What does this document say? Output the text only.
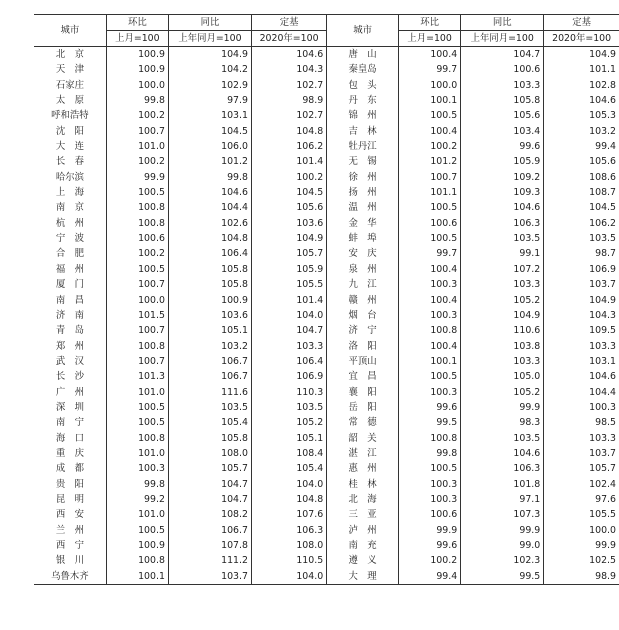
城市	环比	同比	定基	城市	环比	同比	定基
	上月=100	上年同月=100	2020年=100		上月=100	上年同月=100	2020年=100
北　京	100.9	104.9	104.6	唐　山	100.4	104.7	104.9
天　津	100.9	104.2	104.3	秦皇岛	99.7	100.6	101.1
石家庄	100.0	102.9	102.7	包　头	100.0	103.3	102.8
太　原	99.8	97.9	98.9	丹　东	100.1	105.8	104.6
呼和浩特	100.2	103.1	102.7	锦　州	100.5	105.6	105.3
沈　阳	100.7	104.5	104.8	吉　林	100.4	103.4	103.2
大　连	101.0	106.0	106.2	牡丹江	100.2	99.6	99.4
长　春	100.2	101.2	101.4	无　锡	101.2	105.9	105.6
哈尔滨	99.9	99.8	100.2	徐　州	100.7	109.2	108.6
上　海	100.5	104.6	104.5	扬　州	101.1	109.3	108.7
南　京	100.8	104.4	105.6	温　州	100.5	104.6	104.5
杭　州	100.8	102.6	103.6	金　华	100.6	106.3	106.2
宁　波	100.6	104.8	104.9	蚌　埠	100.5	103.5	103.5
合　肥	100.2	106.4	105.7	安　庆	99.7	99.1	98.7
福　州	100.5	105.8	105.9	泉　州	100.4	107.2	106.9
厦　门	100.7	105.8	105.5	九　江	100.3	103.3	103.7
南　昌	100.0	100.9	101.4	赣　州	100.4	105.2	104.9
济　南	101.5	103.6	104.0	烟　台	100.3	104.9	104.3
青　岛	100.7	105.1	104.7	济　宁	100.8	110.6	109.5
郑　州	100.8	103.2	103.3	洛　阳	100.4	103.8	103.3
武　汉	100.7	106.7	106.4	平顶山	100.1	103.3	103.1
长　沙	101.3	106.7	106.9	宜　昌	100.5	105.0	104.6
广　州	101.0	111.6	110.3	襄　阳	100.3	105.2	104.4
深　圳	100.5	103.5	103.5	岳　阳	99.6	99.9	100.3
南　宁	100.5	105.4	105.2	常　德	99.5	98.3	98.5
海　口	100.8	105.8	105.1	韶　关	100.8	103.5	103.3
重　庆	101.0	108.0	108.4	湛　江	99.8	104.6	103.7
成　都	100.3	105.7	105.4	惠　州	100.5	106.3	105.7
贵　阳	99.8	104.7	104.0	桂　林	100.3	101.8	102.4
昆　明	99.2	104.7	104.8	北　海	100.3	97.1	97.6
西　安	101.0	108.2	107.6	三　亚	100.6	107.3	105.5
兰　州	100.5	106.7	106.3	泸　州	99.9	99.9	100.0
西　宁	100.9	107.8	108.0	南　充	99.6	99.0	99.9
银　川	100.8	111.2	110.5	遵　义	100.2	102.3	102.5
乌鲁木齐	100.1	103.7	104.0	大　理	99.4	99.5	98.9
